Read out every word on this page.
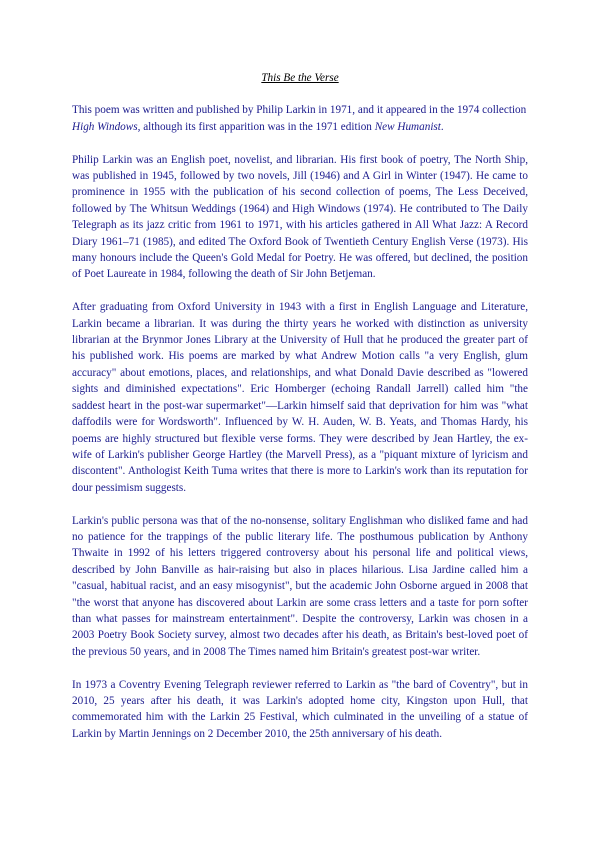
This Be the Verse

This poem was written and published by Philip Larkin in 1971, and it appeared in the 1974 collection High Windows, although its first apparition was in the 1971 edition New Humanist.

Philip Larkin was an English poet, novelist, and librarian. His first book of poetry, The North Ship, was published in 1945, followed by two novels, Jill (1946) and A Girl in Winter (1947). He came to prominence in 1955 with the publication of his second collection of poems, The Less Deceived, followed by The Whitsun Weddings (1964) and High Windows (1974). He contributed to The Daily Telegraph as its jazz critic from 1961 to 1971, with his articles gathered in All What Jazz: A Record Diary 1961–71 (1985), and edited The Oxford Book of Twentieth Century English Verse (1973). His many honours include the Queen's Gold Medal for Poetry. He was offered, but declined, the position of Poet Laureate in 1984, following the death of Sir John Betjeman.

After graduating from Oxford University in 1943 with a first in English Language and Literature, Larkin became a librarian. It was during the thirty years he worked with distinction as university librarian at the Brynmor Jones Library at the University of Hull that he produced the greater part of his published work. His poems are marked by what Andrew Motion calls "a very English, glum accuracy" about emotions, places, and relationships, and what Donald Davie described as "lowered sights and diminished expectations". Eric Homberger (echoing Randall Jarrell) called him "the saddest heart in the post-war supermarket"—Larkin himself said that deprivation for him was "what daffodils were for Wordsworth". Influenced by W. H. Auden, W. B. Yeats, and Thomas Hardy, his poems are highly structured but flexible verse forms. They were described by Jean Hartley, the ex-wife of Larkin's publisher George Hartley (the Marvell Press), as a "piquant mixture of lyricism and discontent". Anthologist Keith Tuma writes that there is more to Larkin's work than its reputation for dour pessimism suggests.

Larkin's public persona was that of the no-nonsense, solitary Englishman who disliked fame and had no patience for the trappings of the public literary life. The posthumous publication by Anthony Thwaite in 1992 of his letters triggered controversy about his personal life and political views, described by John Banville as hair-raising but also in places hilarious. Lisa Jardine called him a "casual, habitual racist, and an easy misogynist", but the academic John Osborne argued in 2008 that "the worst that anyone has discovered about Larkin are some crass letters and a taste for porn softer than what passes for mainstream entertainment". Despite the controversy, Larkin was chosen in a 2003 Poetry Book Society survey, almost two decades after his death, as Britain's best-loved poet of the previous 50 years, and in 2008 The Times named him Britain's greatest post-war writer.

In 1973 a Coventry Evening Telegraph reviewer referred to Larkin as "the bard of Coventry", but in 2010, 25 years after his death, it was Larkin's adopted home city, Kingston upon Hull, that commemorated him with the Larkin 25 Festival, which culminated in the unveiling of a statue of Larkin by Martin Jennings on 2 December 2010, the 25th anniversary of his death.
